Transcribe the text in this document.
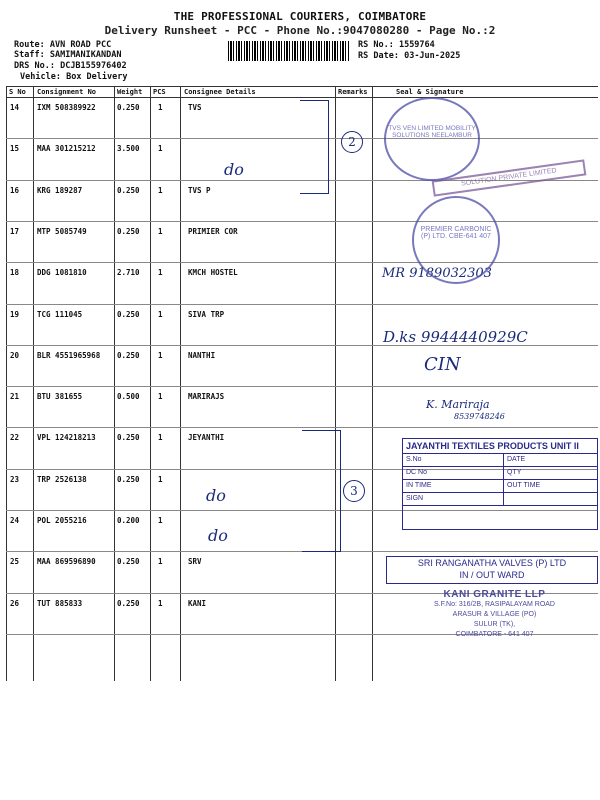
THE PROFESSIONAL COURIERS, COIMBATORE
Delivery Runsheet - PCC - Phone No.:9047080280 - Page No.:2
Route: AVN ROAD PCC
Staff: SAMIMANIKANDAN
DRS No.: DCJB155976402
Vehicle: Box Delivery
RS No.: 1559764
RS Date: 03-Jun-2025
S No Consignment No	Weight PCS	Consignee Details	Remarks	Seal & Signature
14 IXM 508389922	0.250 1	TVS
15 MAA 301215212	3.500 1
16 KRG 189287	0.250 1	TVS P
17 MTP 5085749	0.250 1	PRIMIER COR
18 DDG 1081810	2.710 1	KMCH HOSTEL
19 TCG 111045	0.250 1	SIVA TRP
20 BLR 4551965968 0.250 1	NANTHI
21 BTU 381655	0.500 1	MARIRAJS
22 VPL 124218213	0.250 1	JEYANTHI
23 TRP 2526138	0.250 1
24 POL 2055216	0.200 1
25 MAA 869596890	0.250 1	SRV
26 TUT 885833	0.250 1	KANI
2
do
MR 9189032303
D.ks 9944440929C
CIN
K. Mariraja
8539748246
3
do
do
TVS VEN LIMITED MOBILITY SOLUTIONS NEELAMBUR
SOLUTION PRIVATE LIMITED
PREMIER CARBONIC (P) LTD. CBE-641 407
JAYANTHI TEXTILES PRODUCTS UNIT II
S.No	DATE
DC No	QTY
IN TIME	OUT TIME
SIGN
SRI RANGANATHA VALVES (P) LTD
IN / OUT WARD
KANI GRANITE LLP
S.F.No: 316/2B, RASIPALAYAM ROAD
ARASUR & VILLAGE (PO)
SULUR (TK),
COIMBATORE - 641 407
